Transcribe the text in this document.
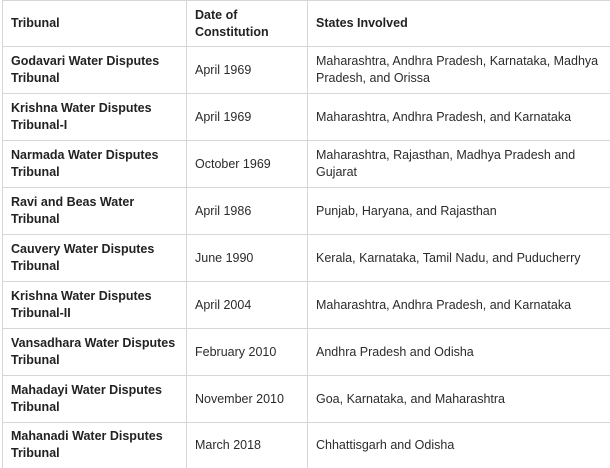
Tribunal	Date of Constitution	States Involved
Godavari Water Disputes Tribunal	April 1969	Maharashtra, Andhra Pradesh, Karnataka, Madhya Pradesh, and Orissa
Krishna Water Disputes Tribunal-I	April 1969	Maharashtra, Andhra Pradesh, and Karnataka
Narmada Water Disputes Tribunal	October 1969	Maharashtra, Rajasthan, Madhya Pradesh and Gujarat
Ravi and Beas Water Tribunal	April 1986	Punjab, Haryana, and Rajasthan
Cauvery Water Disputes Tribunal	June 1990	Kerala, Karnataka, Tamil Nadu, and Puducherry
Krishna Water Disputes Tribunal-II	April 2004	Maharashtra, Andhra Pradesh, and Karnataka
Vansadhara Water Disputes Tribunal	February 2010	Andhra Pradesh and Odisha
Mahadayi Water Disputes Tribunal	November 2010	Goa, Karnataka, and Maharashtra
Mahanadi Water Disputes Tribunal	March 2018	Chhattisgarh and Odisha
